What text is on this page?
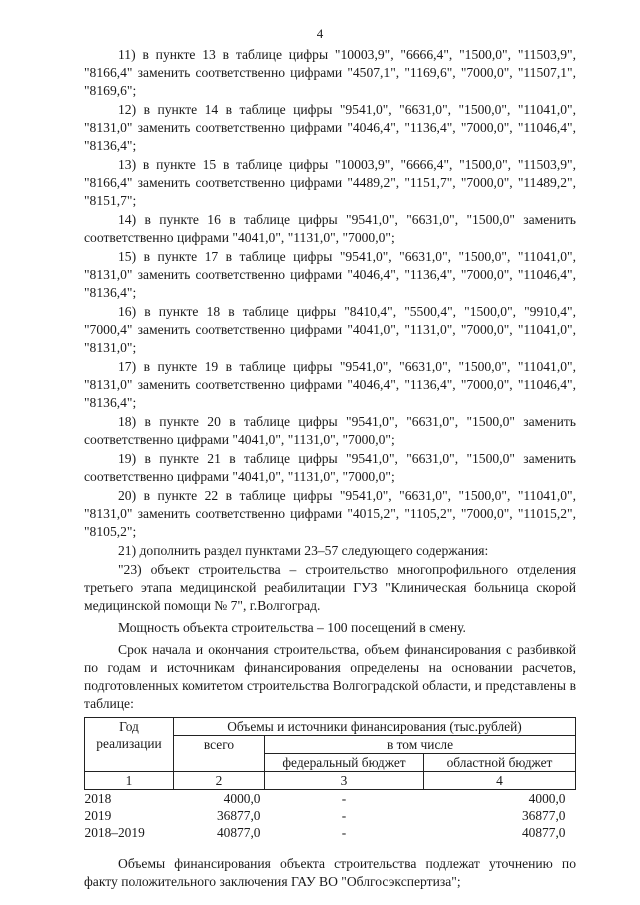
4

11) в пункте 13 в таблице цифры "10003,9", "6666,4", "1500,0", "11503,9", "8166,4" заменить соответственно цифрами "4507,1", "1169,6", "7000,0", "11507,1", "8169,6";

12) в пункте 14 в таблице цифры "9541,0", "6631,0", "1500,0", "11041,0", "8131,0" заменить соответственно цифрами "4046,4", "1136,4", "7000,0", "11046,4", "8136,4";

13) в пункте 15 в таблице цифры "10003,9", "6666,4", "1500,0", "11503,9", "8166,4" заменить соответственно цифрами "4489,2", "1151,7", "7000,0", "11489,2", "8151,7";

14) в пункте 16 в таблице цифры "9541,0", "6631,0", "1500,0" заменить соответственно цифрами "4041,0", "1131,0", "7000,0";

15) в пункте 17 в таблице цифры "9541,0", "6631,0", "1500,0", "11041,0", "8131,0" заменить соответственно цифрами "4046,4", "1136,4", "7000,0", "11046,4", "8136,4";

16) в пункте 18 в таблице цифры "8410,4", "5500,4", "1500,0", "9910,4", "7000,4" заменить соответственно цифрами "4041,0", "1131,0", "7000,0", "11041,0", "8131,0";

17) в пункте 19 в таблице цифры "9541,0", "6631,0", "1500,0", "11041,0", "8131,0" заменить соответственно цифрами "4046,4", "1136,4", "7000,0", "11046,4", "8136,4";

18) в пункте 20 в таблице цифры "9541,0", "6631,0", "1500,0" заменить соответственно цифрами "4041,0", "1131,0", "7000,0";

19) в пункте 21 в таблице цифры "9541,0", "6631,0", "1500,0" заменить соответственно цифрами "4041,0", "1131,0", "7000,0";

20) в пункте 22 в таблице цифры "9541,0", "6631,0", "1500,0", "11041,0", "8131,0" заменить соответственно цифрами "4015,2", "1105,2", "7000,0", "11015,2", "8105,2";

21) дополнить раздел пунктами 23–57 следующего содержания:

"23) объект строительства – строительство многопрофильного отделения третьего этапа медицинской реабилитации ГУЗ "Клиническая больница скорой медицинской помощи № 7", г.Волгоград.

Мощность объекта строительства – 100 посещений в смену.

Срок начала и окончания строительства, объем финансирования с разбивкой по годам и источникам финансирования определены на основании расчетов, подготовленных комитетом строительства Волгоградской области, и представлены в таблице:

Год реализации	Объемы и источники финансирования (тыс.рублей)		
	всего	в том числе	
		федеральный бюджет	областной бюджет
1	2	3	4
2018	4000,0	-	4000,0
2019	36877,0	-	36877,0
2018–2019	40877,0	-	40877,0

Объемы финансирования объекта строительства подлежат уточнению по факту положительного заключения ГАУ ВО "Облгосэкспертиза";
